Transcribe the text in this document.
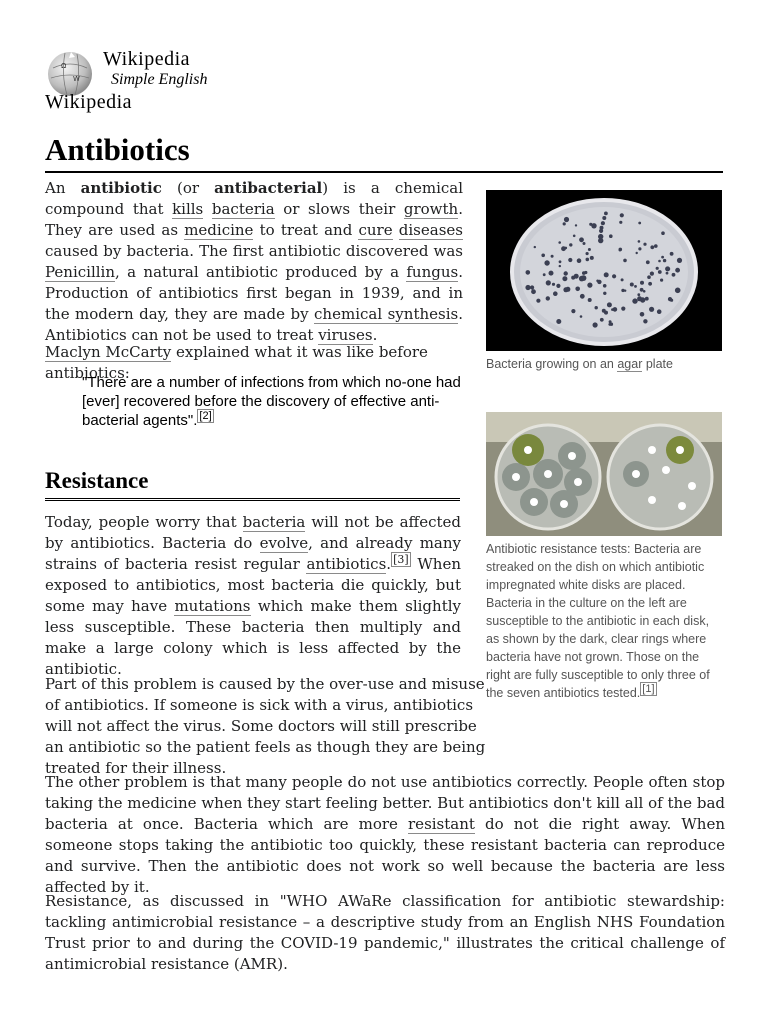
Ω
W
Wikipedia
Simple English
Wikipedia
Antibiotics

An antibiotic (or antibacterial) is a chemical compound that kills bacteria or slows their growth. They are used as medicine to treat and cure diseases caused by bacteria. The first antibiotic discovered was Penicillin, a natural antibiotic produced by a fungus. Production of antibiotics first began in 1939, and in the modern day, they are made by chemical synthesis. Antibiotics can not be used to treat viruses.

Maclyn McCarty explained what it was like before antibiotics:

"There are a number of infections from which no-one had [ever] recovered before the discovery of effective anti-bacterial agents". [2]

Resistance

Today, people worry that bacteria will not be affected by antibiotics. Bacteria do evolve, and already many strains of bacteria resist regular antibiotics. [3] When exposed to antibiotics, most bacteria die quickly, but some may have mutations which make them slightly less susceptible. These bacteria then multiply and make a large colony which is less affected by the antibiotic.

Part of this problem is caused by the over-use and misuse of antibiotics. If someone is sick with a virus, antibiotics will not affect the virus. Some doctors will still prescribe an antibiotic so the patient feels as though they are being treated for their illness.

The other problem is that many people do not use antibiotics correctly. People often stop taking the medicine when they start feeling better. But antibiotics don't kill all of the bad bacteria at once. Bacteria which are more resistant do not die right away. When someone stops taking the antibiotic too quickly, these resistant bacteria can reproduce and survive. Then the antibiotic does not work so well because the bacteria are less affected by it.

Resistance, as discussed in "WHO AWaRe classification for antibiotic stewardship: tackling antimicrobial resistance – a descriptive study from an English NHS Foundation Trust prior to and during the COVID-19 pandemic," illustrates the critical challenge of antimicrobial resistance (AMR).

Bacteria growing on an agar plate
Antibiotic resistance tests: Bacteria are streaked on the dish on which antibiotic impregnated white disks are placed. Bacteria in the culture on the left are susceptible to the antibiotic in each disk, as shown by the dark, clear rings where bacteria have not grown. Those on the right are fully susceptible to only three of the seven antibiotics tested. [1]
